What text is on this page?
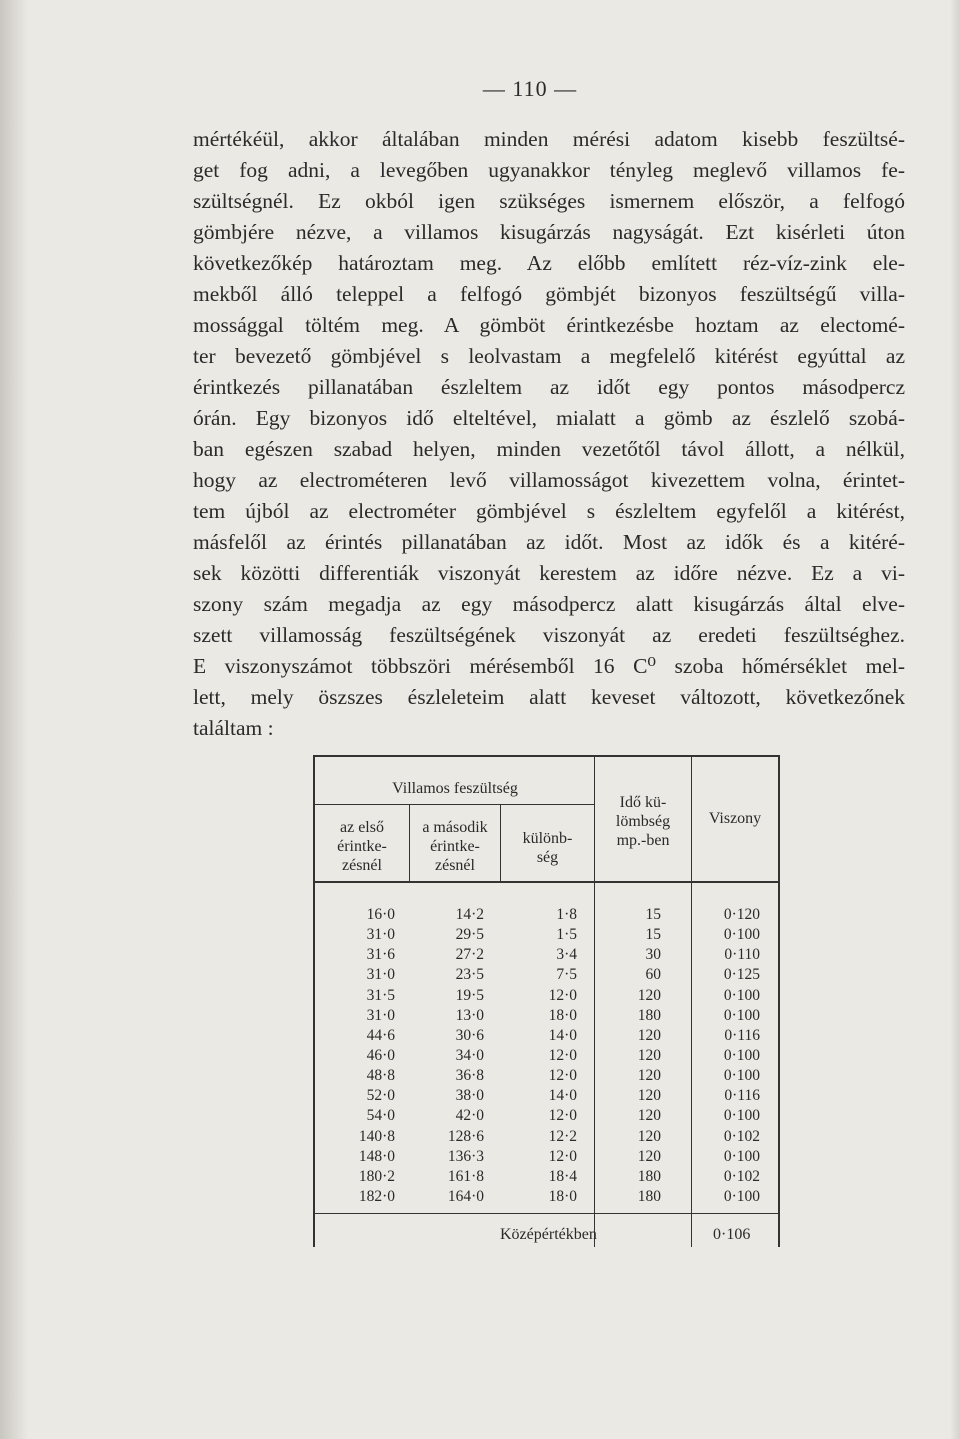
— 110 —
mértékéül, akkor általában minden mérési adatom kisebb feszültsé-
get fog adni, a levegőben ugyanakkor tényleg meglevő villamos fe-
szültségnél. Ez okból igen szükséges ismernem először, a felfogó
gömbjére nézve, a villamos kisugárzás nagyságát. Ezt kisérleti úton
következőkép határoztam meg. Az előbb említett réz-víz-zink ele-
mekből álló teleppel a felfogó gömbjét bizonyos feszültségű villa-
mossággal töltém meg. A gömböt érintkezésbe hoztam az electomé-
ter bevezető gömbjével s leolvastam a megfelelő kitérést egyúttal az
érintkezés pillanatában észleltem az időt egy pontos másodpercz
órán. Egy bizonyos idő elteltével, mialatt a gömb az észlelő szobá-
ban egészen szabad helyen, minden vezetőtől távol állott, a nélkül,
hogy az electrométeren levő villamosságot kivezettem volna, érintet-
tem újból az electrométer gömbjével s észleltem egyfelől a kitérést,
másfelől az érintés pillanatában az időt. Most az idők és a kitéré-
sek közötti differentiák viszonyát kerestem az időre nézve. Ez a vi-
szony szám megadja az egy másodpercz alatt kisugárzás által elve-
szett villamosság feszültségének viszonyát az eredeti feszültséghez.
E viszonyszámot többszöri mérésemből 16 C⁰ szoba hőmérséklet mel-
lett, mely öszszes észleleteim alatt keveset változott, következőnek
találtam :
Villamos feszültség
az első
érintke-
zésnél
a második
érintke-
zésnél
különb-
ség
Idő kü-
lömbség
mp.-ben
Viszony
16·0
31·0
31·6
31·0
31·5
31·0
44·6
46·0
48·8
52·0
54·0
140·8
148·0
180·2
182·0
14·2
29·5
27·2
23·5
19·5
13·0
30·6
34·0
36·8
38·0
42·0
128·6
136·3
161·8
164·0
1·8
1·5
3·4
7·5
12·0
18·0
14·0
12·0
12·0
14·0
12·0
12·2
12·0
18·4
18·0
15
15
30
60
120
180
120
120
120
120
120
120
120
180
180
0·120
0·100
0·110
0·125
0·100
0·100
0·116
0·100
0·100
0·116
0·100
0·102
0·100
0·102
0·100
Középértékben	0·106
